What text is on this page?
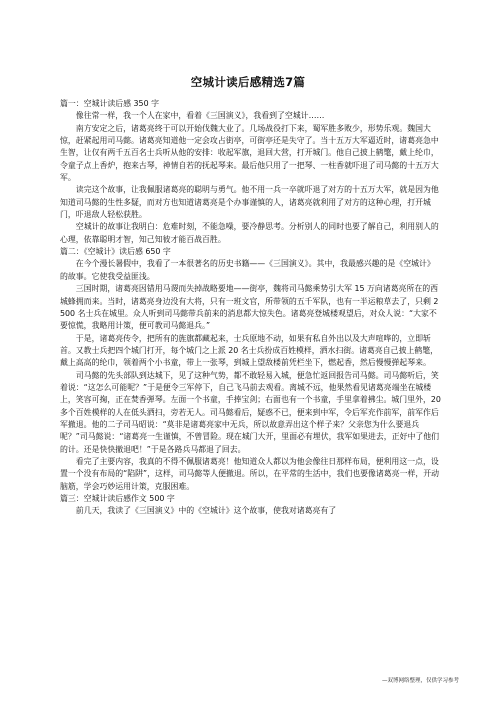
空城计读后感精选7篇

篇一：空城计读后感 350 字

像往常一样，我一个人在家中，看着《三国演义》，我看到了空城计……

南方安定之后，诸葛亮终于可以开始伐魏大业了。几场战役打下来，蜀军胜多败少，形势乐观。魏国大惊，赶紧起用司马懿。诸葛亮知道他一定会攻占街亭，可街亭还是失守了。当十五万大军逼近时，诸葛亮急中生智，让仅有两千五百名士兵听从他的安排：收起军旗，退回大营，打开城门。他自己披上鹤氅，戴上纶巾，令童子点上香炉，抱来古琴，神情自若的抚起琴来。最后他只用了一把琴、一柱香就吓退了司马懿的十五万大军。

读完这个故事，让我佩服诸葛亮的聪明与勇气。他不用一兵一卒就吓退了对方的十五万大军，就是因为他知道司马懿的生性多疑，而对方也知道诸葛亮是个办事谨慎的人，诸葛亮就利用了对方的这种心理，打开城门，吓退敌人轻松获胜。

空城计的故事让我明白：危难时刻，不能急噪，要冷静思考。分析别人的同时也要了解自己，利用别人的心理，依靠聪明才智，知己知彼才能百战百胜。

篇二：《空城计》读后感 650 字

在今个漫长暑假中，我看了一本很著名的历史书籍——《三国演义》。其中，我最感兴趣的是《空城计》的故事。它使我受益匪浅。

三国时期，诸葛亮因错用马谡而失掉战略要地——街亭，魏将司马懿乘势引大军 15 万向诸葛亮所在的西城蜂拥而来。当时，诸葛亮身边没有大将，只有一班文官，所带领的五千军队，也有一半运粮草去了，只剩 2500 名士兵在城里。众人听到司马懿带兵前来的消息都大惊失色。诸葛亮登城楼观望后，对众人说：“大家不要惊慌，我略用计策，便可教司马懿退兵。”

于是，诸葛亮传令，把所有的旌旗都藏起来，士兵原地不动，如果有私自外出以及大声喧哗的，立即斩首。又教士兵把四个城门打开，每个城门之上派 20 名士兵扮成百姓模样，洒水扫街。诸葛亮自己披上鹤氅，戴上高高的纶巾，领着两个小书童，带上一张琴，到城上望敌楼前凭栏坐下，燃起香，然后慢慢弹起琴来。

司马懿的先头部队到达城下，见了这种气势，都不敢轻易入城，便急忙返回报告司马懿。司马懿听后，笑着说：“这怎么可能呢？”于是便令三军停下，自己飞马前去观看。离城不远，他果然看见诸葛亮端坐在城楼上，笑容可掬，正在焚香弹琴。左面一个书童，手捧宝剑；右面也有一个书童，手里拿着拂尘。城门里外，20 多个百姓模样的人在低头洒扫，旁若无人。司马懿看后，疑惑不已，便来到中军，令后军充作前军，前军作后军撤退。他的二子司马昭说：“莫非是诸葛亮家中无兵，所以故意弄出这个样子来？父亲您为什么要退兵呢？”司马懿说：“诸葛亮一生谨慎，不曾冒险。现在城门大开，里面必有埋伏，我军如果进去，正好中了他们的计。还是快快撤退吧！”于是各路兵马都退了回去。

看完了主要内容，我真的不得不佩服诸葛亮！他知道众人都以为他会像往日那样布局，便利用这一点，设置一个没有布局的“陷阱”，这样，司马懿等人便撤退。所以，在平常的生活中，我们也要像诸葛亮一样，开动脑筋，学会巧妙运用计策，克服困难。

篇三：空城计读后感作文 500 字

前几天，我读了《三国演义》中的《空城计》这个故事，使我对诸葛亮有了

—双博网络整理，仅供学习参考
